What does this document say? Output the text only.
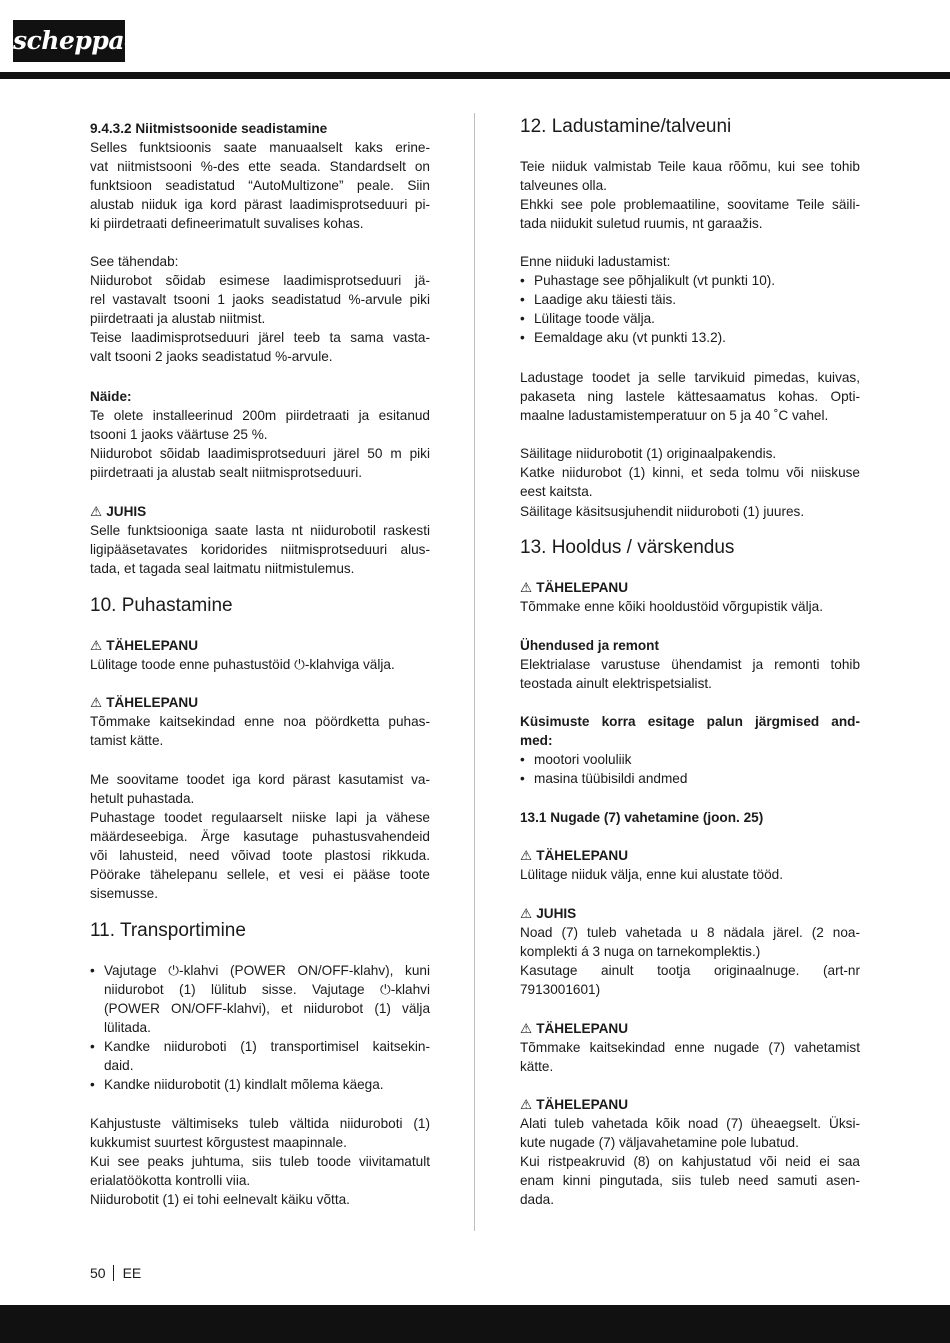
scheppach
9.4.3.2 Niitmistsoonide seadistamine
Selles funktsioonis saate manuaalselt kaks erine-
vat niitmistsooni %-des ette seada. Standardselt on
funktsioon seadistatud “AutoMultizone” peale. Siin
alustab niiduk iga kord pärast laadimisprotseduuri pi-
ki piirdetraati defineerimatult suvalises kohas.
See tähendab:
Niidurobot sõidab esimese laadimisprotseduuri jä-
rel vastavalt tsooni 1 jaoks seadistatud %-arvule piki
piirdetraati ja alustab niitmist.
Teise laadimisprotseduuri järel teeb ta sama vasta-
valt tsooni 2 jaoks seadistatud %-arvule.
Näide:
Te olete installeerinud 200m piirdetraati ja esitanud
tsooni 1 jaoks väärtuse 25 %.
Niidurobot sõidab laadimisprotseduuri järel 50 m piki
piirdetraati ja alustab sealt niitmisprotseduuri.
⚠ JUHIS
Selle funktsiooniga saate lasta nt niidurobotil raskesti
ligipääsetavates koridorides niitmisprotseduuri alus-
tada, et tagada seal laitmatu niitmistulemus.
10. Puhastamine
⚠ TÄHELEPANU
Lülitage toode enne puhastustöid ⏻-klahviga välja.
⚠ TÄHELEPANU
Tõmmake kaitsekindad enne noa pöördketta puhas-
tamist kätte.
Me soovitame toodet iga kord pärast kasutamist va-
hetult puhastada.
Puhastage toodet regulaarselt niiske lapi ja vähese
määrdeseebiga. Ärge kasutage puhastusvahendeid
või lahusteid, need võivad toote plastosi rikkuda.
Pöörake tähelepanu sellele, et vesi ei pääse toote
sisemusse.
11. Transportimine
• Vajutage ⏻-klahvi (POWER ON/OFF-klahv), kuni
niidurobot (1) lülitub sisse. Vajutage ⏻-klahvi
(POWER ON/OFF-klahvi), et niidurobot (1) välja
lülitada.
• Kandke niiduroboti (1) transportimisel kaitsekin-
daid.
• Kandke niidurobotit (1) kindlalt mõlema käega.
Kahjustuste vältimiseks tuleb vältida niiduroboti (1)
kukkumist suurtest kõrgustest maapinnale.
Kui see peaks juhtuma, siis tuleb toode viivitamatult
erialatöökotta kontrolli viia.
Niidurobotit (1) ei tohi eelnevalt käiku võtta.
12. Ladustamine/talveuni
Teie niiduk valmistab Teile kaua rõõmu, kui see tohib
talveunes olla.
Ehkki see pole problemaatiline, soovitame Teile säili-
tada niidukit suletud ruumis, nt garaažis.
Enne niiduki ladustamist:
• Puhastage see põhjalikult (vt punkti 10).
• Laadige aku täiesti täis.
• Lülitage toode välja.
• Eemaldage aku (vt punkti 13.2).
Ladustage toodet ja selle tarvikuid pimedas, kuivas,
pakaseta ning lastele kättesaamatus kohas. Opti-
maalne ladustamistemperatuur on 5 ja 40 ˚C vahel.
Säilitage niidurobotit (1) originaalpakendis.
Katke niidurobot (1) kinni, et seda tolmu või niiskuse
eest kaitsta.
Säilitage käsitsusjuhendit niiduroboti (1) juures.
13. Hooldus / värskendus
⚠ TÄHELEPANU
Tõmmake enne kõiki hooldustöid võrgupistik välja.
Ühendused ja remont
Elektrialase varustuse ühendamist ja remonti tohib
teostada ainult elektrispetsialist.
Küsimuste korra esitage palun järgmised and-
med:
• mootori vooluliik
• masina tüübisildi andmed
13.1 Nugade (7) vahetamine (joon. 25)
⚠ TÄHELEPANU
Lülitage niiduk välja, enne kui alustate tööd.
⚠ JUHIS
Noad (7) tuleb vahetada u 8 nädala järel. (2 noa-
komplekti á 3 nuga on tarnekomplektis.)
Kasutage ainult tootja originaalnuge. (art-nr
7913001601)
⚠ TÄHELEPANU
Tõmmake kaitsekindad enne nugade (7) vahetamist
kätte.
⚠ TÄHELEPANU
Alati tuleb vahetada kõik noad (7) üheaegselt. Üksi-
kute nugade (7) väljavahetamine pole lubatud.
Kui ristpeakruvid (8) on kahjustatud või neid ei saa
enam kinni pingutada, siis tuleb need samuti asen-
dada.
50 EE
